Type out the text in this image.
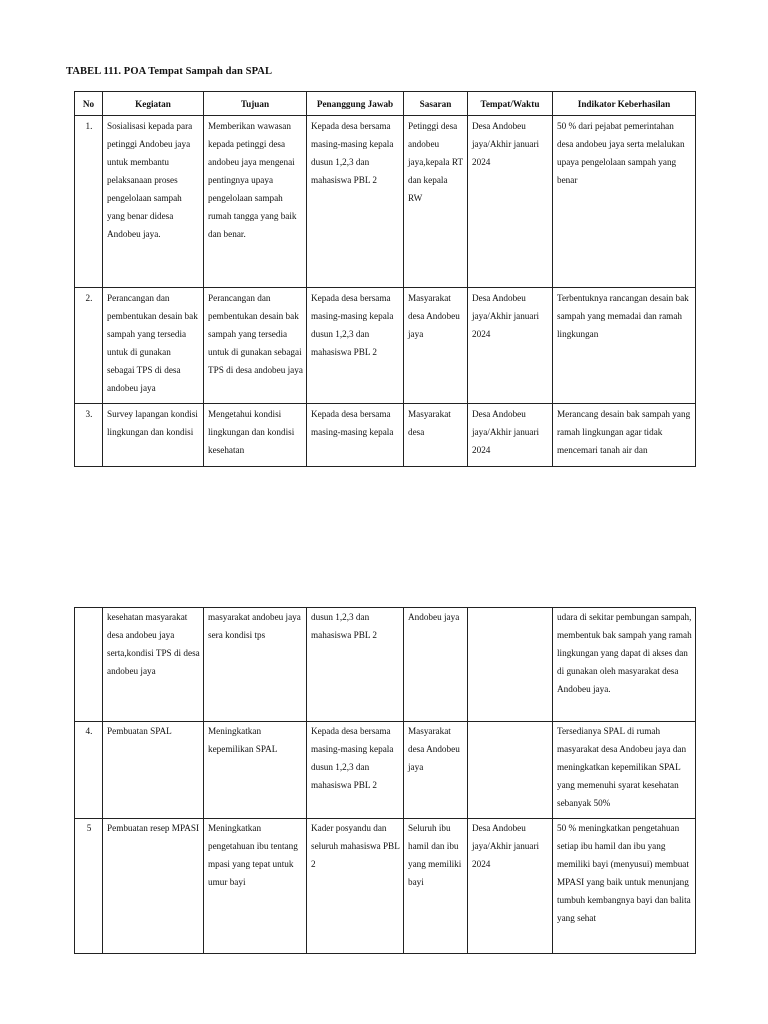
TABEL 111. POA Tempat Sampah dan SPAL
No	Kegiatan	Tujuan	Penanggung Jawab	Sasaran	Tempat/Waktu	Indikator Keberhasilan
1.	Sosialisasi kepada para petinggi Andobeu jaya untuk membantu pelaksanaan proses pengelolaan sampah yang benar didesa Andobeu jaya.	Memberikan wawasan kepada petinggi desa andobeu jaya mengenai pentingnya upaya pengelolaan sampah rumah tangga yang baik dan benar.	Kepada desa bersama masing-masing kepala dusun 1,2,3 dan mahasiswa PBL 2	Petinggi desa andobeu jaya,kepala RT dan kepala RW	Desa Andobeu jaya/Akhir januari 2024	50 % dari pejabat pemerintahan desa andobeu jaya serta melalukan upaya pengelolaan sampah yang benar
2.	Perancangan dan pembentukan desain bak sampah yang tersedia untuk di gunakan sebagai TPS di desa andobeu jaya	Perancangan dan pembentukan desain bak sampah yang tersedia untuk di gunakan sebagai TPS di desa andobeu jaya	Kepada desa bersama masing-masing kepala dusun 1,2,3 dan mahasiswa PBL 2	Masyarakat desa Andobeu jaya	Desa Andobeu jaya/Akhir januari 2024	Terbentuknya rancangan desain bak sampah yang memadai dan ramah lingkungan
3.	Survey lapangan kondisi lingkungan dan kondisi	Mengetahui kondisi lingkungan dan kondisi kesehatan	Kepada desa bersama masing-masing kepala	Masyarakat desa	Desa Andobeu jaya/Akhir januari 2024	Merancang desain bak sampah yang ramah lingkungan agar tidak mencemari tanah air dan
	kesehatan masyarakat desa andobeu jaya serta,kondisi TPS di desa andobeu jaya	masyarakat andobeu jaya sera kondisi tps	dusun 1,2,3 dan mahasiswa PBL 2	Andobeu jaya		udara di sekitar pembungan sampah, membentuk bak sampah yang ramah lingkungan yang dapat di akses dan di gunakan oleh masyarakat desa Andobeu jaya.
4.	Pembuatan SPAL	Meningkatkan kepemilikan SPAL	Kepada desa bersama masing-masing kepala dusun 1,2,3 dan mahasiswa PBL 2	Masyarakat desa Andobeu jaya		Tersedianya SPAL di rumah masyarakat desa Andobeu jaya dan meningkatkan kepemilikan SPAL yang memenuhi syarat kesehatan sebanyak 50%
5	Pembuatan resep MPASI	Meningkatkan pengetahuan ibu tentang mpasi yang tepat untuk umur bayi	Kader posyandu dan seluruh mahasiswa PBL 2	Seluruh ibu hamil dan ibu yang memiliki bayi	Desa Andobeu jaya/Akhir januari 2024	50 % meningkatkan pengetahuan setiap ibu hamil dan ibu yang memiliki bayi (menyusui) membuat MPASI yang baik untuk menunjang tumbuh kembangnya bayi dan balita yang sehat
